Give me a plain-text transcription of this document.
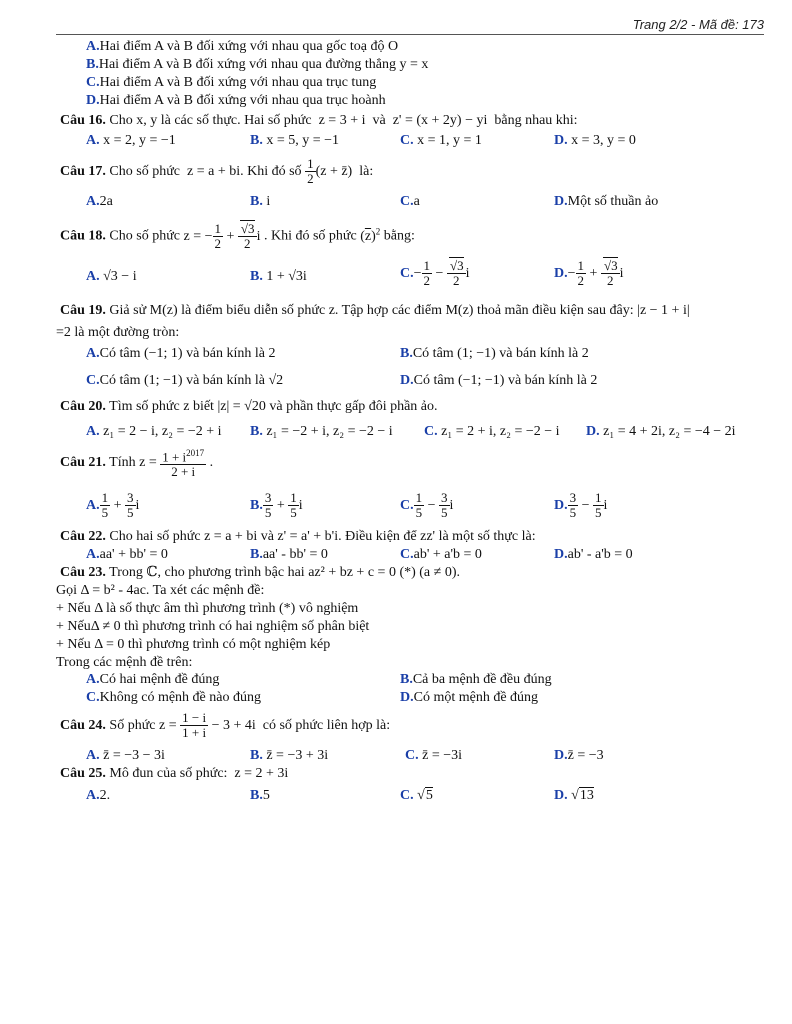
Trang 2/2 - Mã đề: 173
A.Hai điểm A và B đối xứng với nhau qua gốc toạ độ O
B.Hai điểm A và B đối xứng với nhau qua đường thẳng y = x
C.Hai điểm A và B đối xứng với nhau qua trục tung
D.Hai điểm A và B đối xứng với nhau qua trục hoành
Câu 16. Cho x, y là các số thực. Hai số phức z = 3 + i và z' = (x + 2y) − yi bằng nhau khi:
A. x = 2, y = −1	B. x = 5, y = −1	C. x = 1, y = 1	D. x = 3, y = 0
Câu 17. Cho số phức z = a + bi. Khi đó số $\frac{1}{2} (z$ + z̄) là:
A.2a	B. i	C.a	D.Một số thuần ảo
Câu 18. Cho số phức z = − $\frac{1}{2} + \frac{√3}{2}$ i . Khi đó số phức $(\overline{z})^2$ bằng:
A. √3 − i	B. 1 + √3i	$C.- \frac{1}{2} - \frac{√3}{2}$ i	$D.- \frac{1}{2} + \frac{√3}{2}$ i
Câu 19. Giả sử M(z) là điểm biểu diễn số phức z. Tập hợp các điểm M(z) thoả mãn điều kiện sau đây: |z − 1 + i|
=2 là một đường tròn:
A.Có tâm (−1; 1) và bán kính là 2	B.Có tâm (1; −1) và bán kính là 2
C.Có tâm (1; −1) và bán kính là √2	D.Có tâm (−1; −1) và bán kính là 2
Câu 20. Tìm số phức z biết |z| = √20 và phần thực gấp đôi phần ảo.
A. z₁ = 2 − i, z₂ = −2 + i B. z₁ = −2 + i, z₂ = −2 − i C. z₁ = 2 + i, z₂ = −2 − i D. z₁ = 4 + 2i, z₂ = −4 − 2i
Câu 21. Tính $z = \frac{1 + i^{2017}}{2 + i}$ .
A. $\frac{1}{5} + \frac{3}{5}$ i	B. $\frac{3}{5} + \frac{1}{5}$ i	C. $\frac{1}{5} - \frac{3}{5}$ i	D. $\frac{3}{5} - \frac{1}{5}$ i
Câu 22. Cho hai số phức z = a + bi và z' = a' + b'i. Điều kiện để zz' là một số thực là:
A.aa' + bb' = 0	B.aa' - bb' = 0	C.ab' + a'b = 0	D.ab' - a'b = 0
Câu 23. Trong ℂ, cho phương trình bậc hai az² + bz + c = 0 (*) (a ≠ 0).
Gọi Δ = b² - 4ac. Ta xét các mệnh đề:
+ Nếu Δ là số thực âm thì phương trình (*) vô nghiệm
+ NếuΔ ≠ 0 thì phương trình có hai nghiệm số phân biệt
+ Nếu Δ = 0 thì phương trình có một nghiệm kép
Trong các mệnh đề trên:
A.Có hai mệnh đề đúng	B.Cả ba mệnh đề đều đúng
C.Không có mệnh đề nào đúng	D.Có một mệnh đề đúng
Câu 24. Số phức $z = \frac{1 - i}{1 + i} - 3 + 4i$ có số phức liên hợp là:
A. z̄ = −3 − 3i	B. z̄ = −3 + 3i	C. z̄ = −3i	D.z̄ = −3
Câu 25. Mô đun của số phức: z = 2 + 3i
A.2.	B.5	C. √5	D. √13
